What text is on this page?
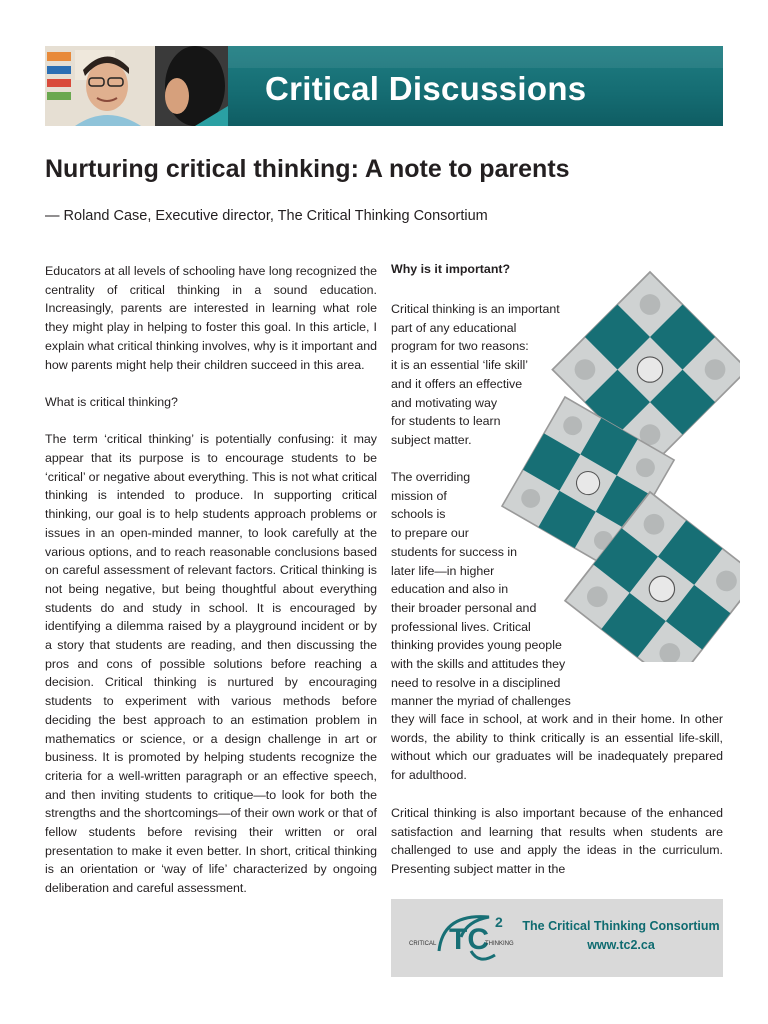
Critical Discussions
Nurturing critical thinking: A note to parents
— Roland Case, Executive director, The Critical Thinking Consortium

Educators at all levels of schooling have long recognized the centrality of critical thinking in a sound education. Increasingly, parents are interested in learning what role they might play in helping to foster this goal. In this article, I explain what critical thinking involves, why is it important and how parents might help their children succeed in this area.

What is critical thinking?

The term ‘critical thinking’ is potentially confusing: it may appear that its purpose is to encourage students to be ‘critical’ or negative about everything. This is not what critical thinking is intended to produce. In supporting critical thinking, our goal is to help students approach problems or issues in an open-minded manner, to look carefully at the various options, and to reach reasonable conclusions based on careful assessment of relevant factors. Critical thinking is not being negative, but being thoughtful about everything students do and study in school. It is encouraged by identifying a dilemma raised by a playground incident or by a story that students are reading, and then discussing the pros and cons of possible solutions before reaching a decision. Critical thinking is nurtured by encouraging students to experiment with various methods before deciding the best approach to an estimation problem in mathematics or science, or a design challenge in art or business. It is promoted by helping students recognize the criteria for a well-written paragraph or an effective speech, and then inviting students to critique—to look for both the strengths and the shortcomings—of their own work or that of fellow students before revising their written or oral presentation to make it even better. In short, critical thinking is an orientation or ‘way of life’ characterized by ongoing deliberation and careful assessment.

Why is it important?
Critical thinking is an important
part of any educational
program for two reasons:
it is an essential ‘life skill’
and it offers an effective
and motivating way
for students to learn
subject matter.
The overriding
mission of
schools is
to prepare our
students for success in
later life—in higher
education and also in
their broader personal and
professional lives. Critical
thinking provides young people
with the skills and attitudes they
need to resolve in a disciplined
manner the myriad of challenges

they will face in school, at work and in their home. In other words, the ability to think critically is an essential life-skill, without which our graduates will be inadequately prepared for adulthood.

Critical thinking is also important because of the enhanced satisfaction and learning that results when students are challenged to use and apply the ideas in the curriculum. Presenting subject matter in the

TC
2
CRITICAL	THINKING
The Critical Thinking Consortium
www.tc2.ca
